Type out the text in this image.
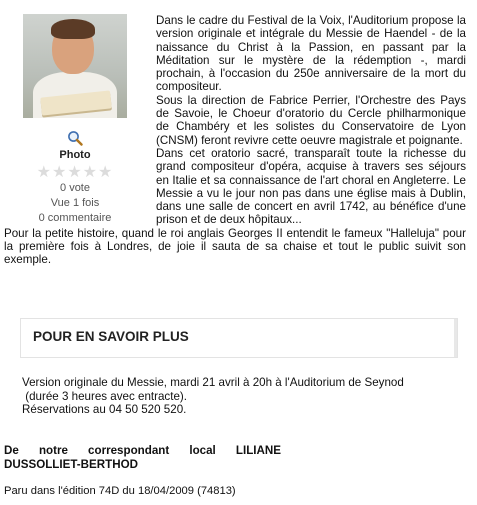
Photo
★★★★★
0 vote
Vue 1 fois
0 commentaire

Dans le cadre du Festival de la Voix, l'Auditorium propose la version originale et intégrale du Messie de Haendel - de la naissance du Christ à la Passion, en passant par la Méditation sur le mystère de la rédemption -, mardi prochain, à l'occasion du 250e anniversaire de la mort du compositeur.

Sous la direction de Fabrice Perrier, l'Orchestre des Pays de Savoie, le Choeur d'oratorio du Cercle philharmonique de Chambéry et les solistes du Conservatoire de Lyon (CNSM) feront revivre cette oeuvre magistrale et poignante.

Dans cet oratorio sacré, transparaît toute la richesse du grand compositeur d'opéra, acquise à travers ses séjours en Italie et sa connaissance de l'art choral en Angleterre. Le Messie a vu le jour non pas dans une église mais à Dublin, dans une salle de concert en avril 1742, au bénéfice d'une prison et de deux hôpitaux...

Pour la petite histoire, quand le roi anglais Georges II entendit le fameux "Halleluja" pour la première fois à Londres, de joie il sauta de sa chaise et tout le public suivit son exemple.

POUR EN SAVOIR PLUS
Version originale du Messie, mardi 21 avril à 20h à l'Auditorium de Seynod
(durée 3 heures avec entracte).
Réservations au 04 50 520 520.
De notre correspondant local LILIANE DUSSOLLIET-BERTHOD
Paru dans l'édition 74D du 18/04/2009 (74813)
